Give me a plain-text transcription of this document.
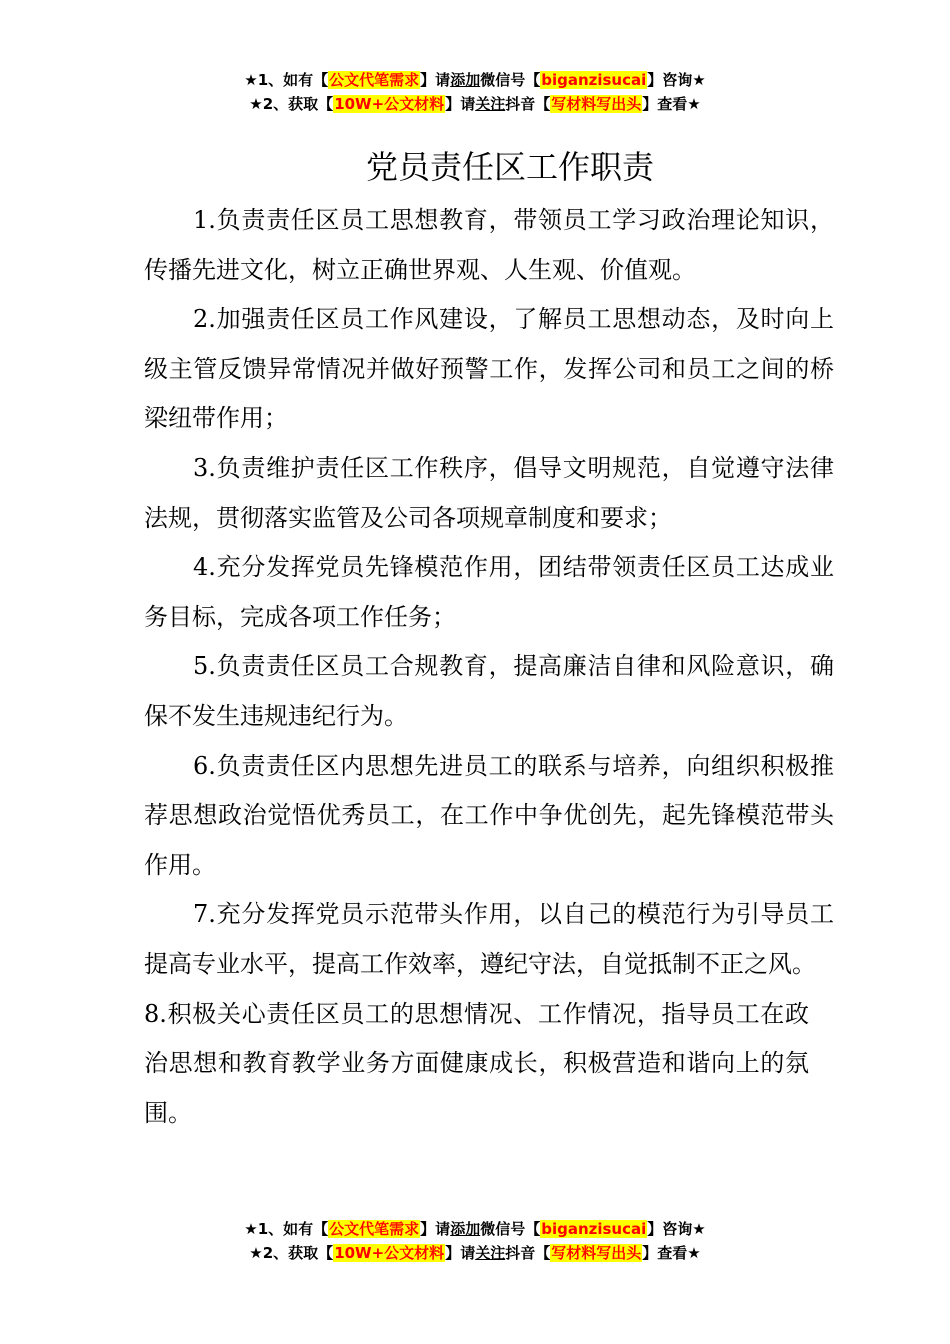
★1、如有【公文代笔需求】请添加微信号【biganzisucai】咨询★
★2、获取【10W+公文材料】请关注抖音【写材料写出头】查看★
党员责任区工作职责

1.负责责任区员工思想教育，带领员工学习政治理论知识，传播先进文化，树立正确世界观、人生观、价值观。

2.加强责任区员工作风建设，了解员工思想动态，及时向上级主管反馈异常情况并做好预警工作，发挥公司和员工之间的桥梁纽带作用；

3.负责维护责任区工作秩序，倡导文明规范，自觉遵守法律法规，贯彻落实监管及公司各项规章制度和要求；

4.充分发挥党员先锋模范作用，团结带领责任区员工达成业务目标，完成各项工作任务；

5.负责责任区员工合规教育，提高廉洁自律和风险意识，确保不发生违规违纪行为。

6.负责责任区内思想先进员工的联系与培养，向组织积极推荐思想政治觉悟优秀员工，在工作中争优创先，起先锋模范带头作用。

7.充分发挥党员示范带头作用，以自己的模范行为引导员工提高专业水平，提高工作效率，遵纪守法，自觉抵制不正之风。

8.积极关心责任区员工的思想情况、工作情况，指导员工在政治思想和教育教学业务方面健康成长，积极营造和谐向上的氛围。

★1、如有【公文代笔需求】请添加微信号【biganzisucai】咨询★
★2、获取【10W+公文材料】请关注抖音【写材料写出头】查看★
